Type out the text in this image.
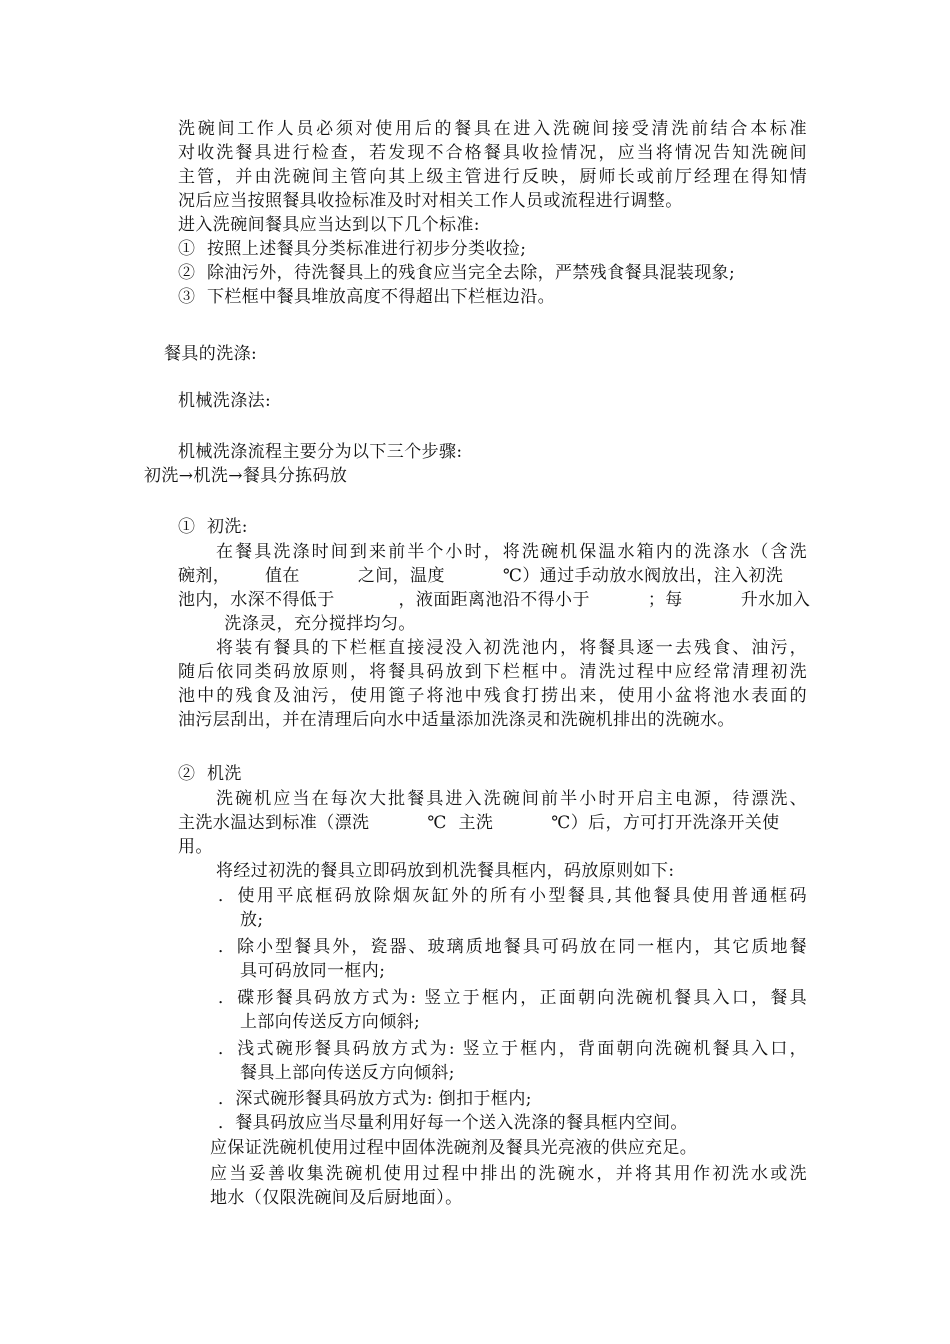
洗碗间工作人员必须对使用后的餐具在进入洗碗间接受清洗前结合本标准
对收洗餐具进行检查，若发现不合格餐具收捡情况，应当将情况告知洗碗间
主管，并由洗碗间主管向其上级主管进行反映，厨师长或前厅经理在得知情
况后应当按照餐具收捡标准及时对相关工作人员或流程进行调整。
进入洗碗间餐具应当达到以下几个标准:
①  按照上述餐具分类标准进行初步分类收捡;
②  除油污外，待洗餐具上的残食应当完全去除，严禁残食餐具混装现象;
③  下栏框中餐具堆放高度不得超出下栏框边沿。
餐具的洗涤:
机械洗涤法:
机械洗涤流程主要分为以下三个步骤:
初洗→机洗→餐具分拣码放
①  初洗:
在餐具洗涤时间到来前半个小时，将洗碗机保温水箱内的洗涤水（含洗
碗剂，      值在          之间，温度          ℃）通过手动放水阀放出，注入初洗
池内，水深不得低于           ，液面距离池沿不得小于          ；每          升水加入
洗涤灵，充分搅拌均匀。
将装有餐具的下栏框直接浸没入初洗池内，将餐具逐一去残食、油污，
随后依同类码放原则，将餐具码放到下栏框中。清洗过程中应经常清理初洗
池中的残食及油污，使用篦子将池中残食打捞出来，使用小盆将池水表面的
油污层刮出，并在清理后向水中适量添加洗涤灵和洗碗机排出的洗碗水。
②  机洗
洗碗机应当在每次大批餐具进入洗碗间前半小时开启主电源，待漂洗、
主洗水温达到标准（漂洗          ℃  主洗          ℃）后，方可打开洗涤开关使
用。
将经过初洗的餐具立即码放到机洗餐具框内，码放原则如下:
．使用平底框码放除烟灰缸外的所有小型餐具,其他餐具使用普通框码
放;
．除小型餐具外，瓷器、玻璃质地餐具可码放在同一框内，其它质地餐
具可码放同一框内;
．碟形餐具码放方式为: 竖立于框内，正面朝向洗碗机餐具入口，餐具
上部向传送反方向倾斜;
．浅式碗形餐具码放方式为: 竖立于框内，背面朝向洗碗机餐具入口，
餐具上部向传送反方向倾斜;
．深式碗形餐具码放方式为: 倒扣于框内;
．餐具码放应当尽量利用好每一个送入洗涤的餐具框内空间。
应保证洗碗机使用过程中固体洗碗剂及餐具光亮液的供应充足。
应当妥善收集洗碗机使用过程中排出的洗碗水，并将其用作初洗水或洗
地水（仅限洗碗间及后厨地面）。
